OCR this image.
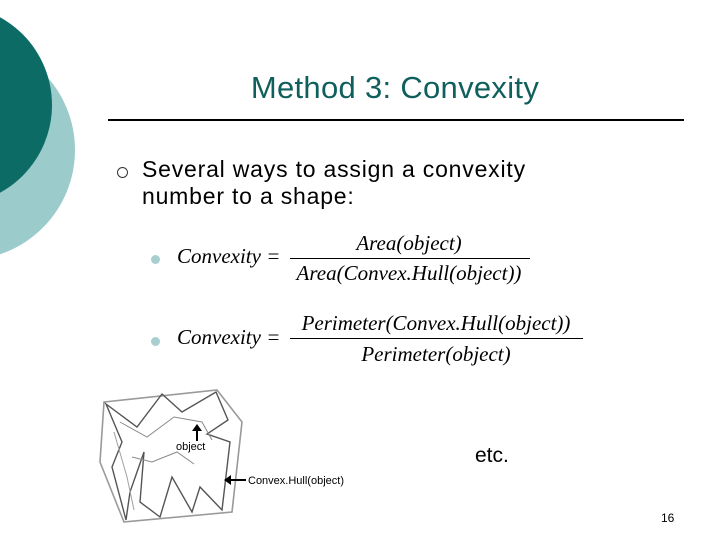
Method 3: Convexity
Several ways to assign a convexity number to a shape:
Convexity =
Area(object)
Area(Convex.Hull(object))
Convexity =
Perimeter(Convex.Hull(object))
Perimeter(object)
object
Convex.Hull(object)
etc.
16
